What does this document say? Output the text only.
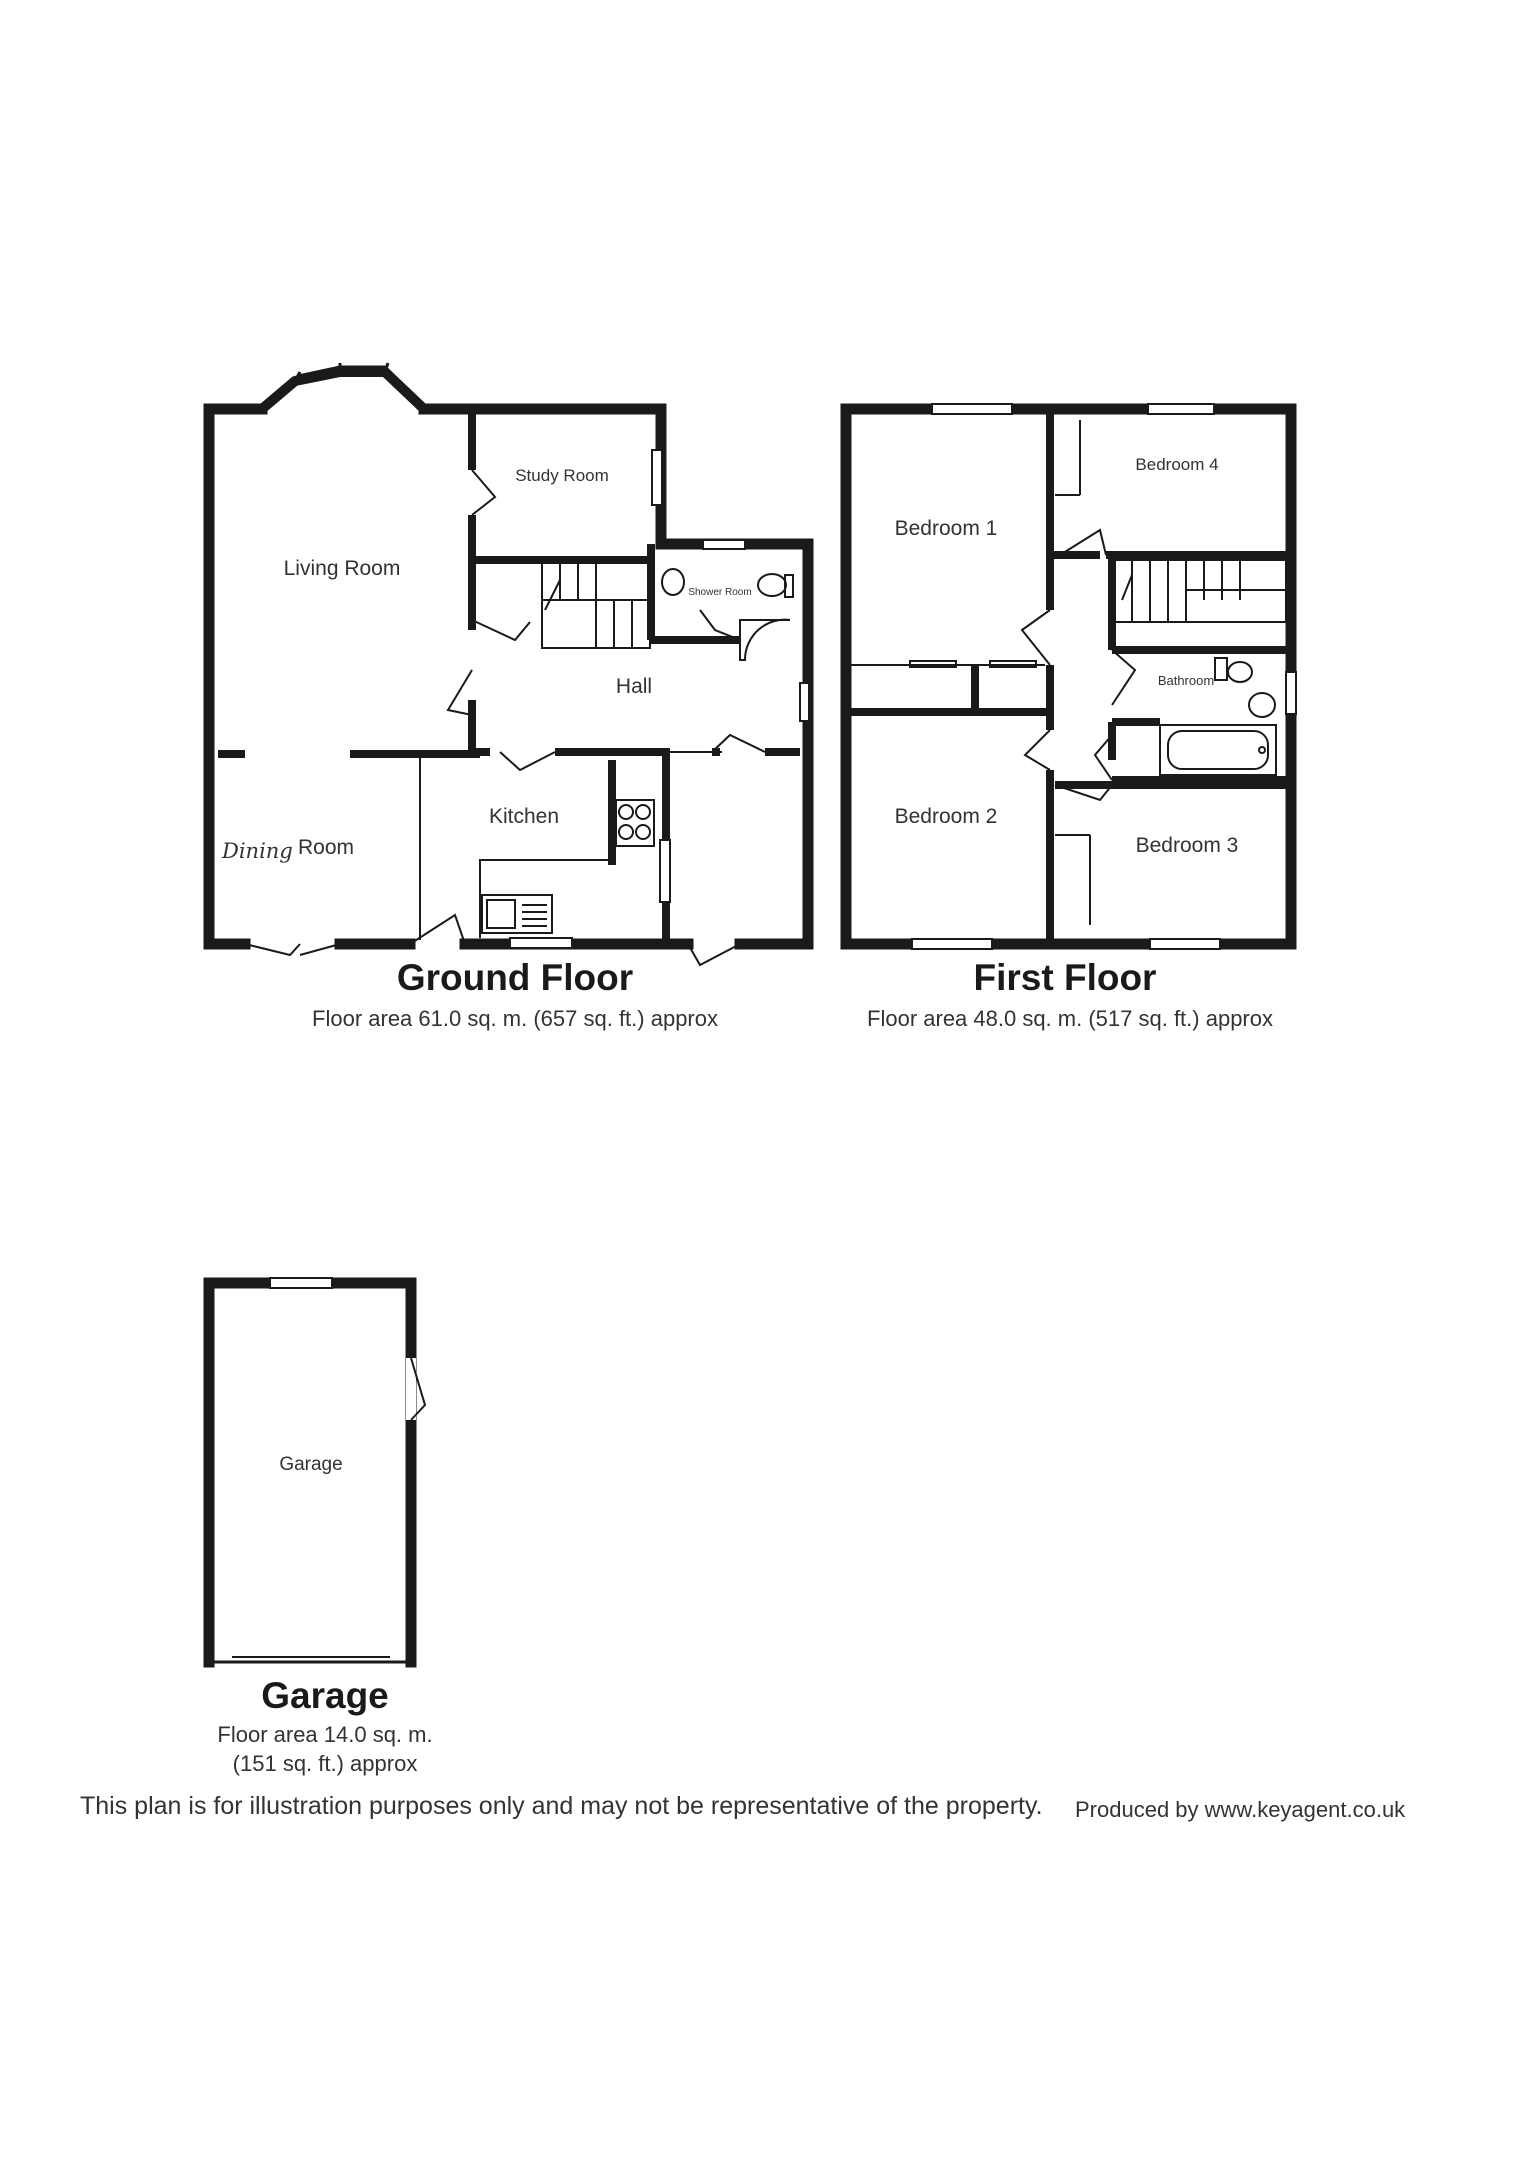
Living Room
Study Room
Shower Room
Hall
Kitchen
Dining Room
Bedroom 1
Bedroom 4
Bathroom
Bedroom 2
Bedroom 3
Garage
Ground Floor
Floor area 61.0 sq. m. (657 sq. ft.) approx
First Floor
Floor area 48.0 sq. m. (517 sq. ft.) approx
Garage
Floor area 14.0 sq. m.
(151 sq. ft.) approx
This plan is for illustration purposes only and may not be representative of the property. Produced by www.keyagent.co.uk
